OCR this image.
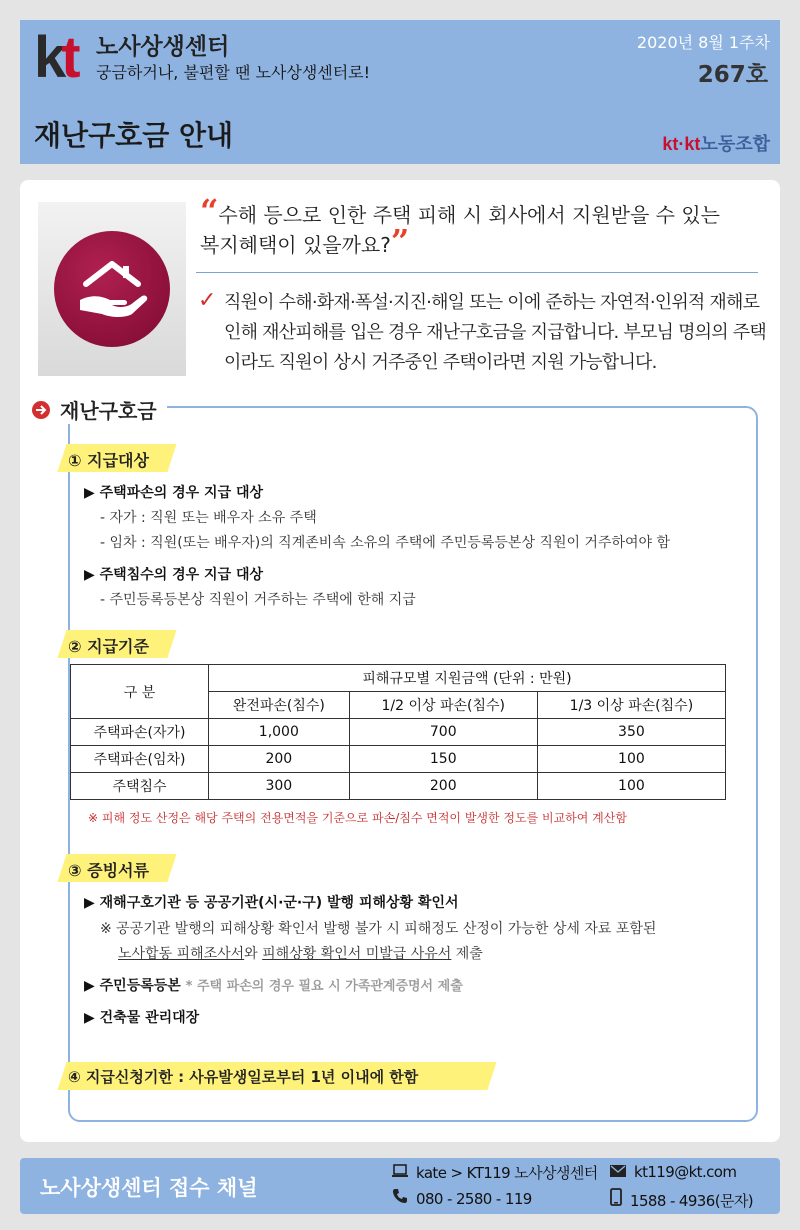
kt 노사상생센터
궁금하거나, 불편할 땐 노사상생센터로!
2020년 8월 1주차
267호
재난구호금 안내	kt·kt노동조합
“수해 등으로 인한 주택 피해 시 회사에서 지원받을 수 있는 복지혜택이 있을까요?”
✓ 직원이 수해·화재·폭설·지진·해일 또는 이에 준하는 자연적·인위적 재해로 인해 재산피해를 입은 경우 재난구호금을 지급합니다. 부모님 명의의 주택이라도 직원이 상시 거주중인 주택이라면 지원 가능합니다.
재난구호금
① 지급대상
▶ 주택파손의 경우 지급 대상
- 자가 : 직원 또는 배우자 소유 주택
- 임차 : 직원(또는 배우자)의 직계존비속 소유의 주택에 주민등록등본상 직원이 거주하여야 함
▶ 주택침수의 경우 지급 대상
- 주민등록등본상 직원이 거주하는 주택에 한해 지급
② 지급기준
구 분	피해규모별 지원금액 (단위 : 만원)		
	완전파손(침수)	1/2 이상 파손(침수)	1/3 이상 파손(침수)
주택파손(자가)	1,000	700	350
주택파손(임차)	200	150	100
주택침수	300	200	100
※ 피해 정도 산정은 해당 주택의 전용면적을 기준으로 파손/침수 면적이 발생한 정도를 비교하여 계산함
③ 증빙서류
▶ 재해구호기관 등 공공기관(시·군·구) 발행 피해상황 확인서
※ 공공기관 발행의 피해상황 확인서 발행 불가 시 피해정도 산정이 가능한 상세 자료 포함된
노사합동 피해조사서와 피해상황 확인서 미발급 사유서 제출
▶ 주민등록등본 * 주택 파손의 경우 필요 시 가족관계증명서 제출
▶ 건축물 관리대장
④ 지급신청기한 : 사유발생일로부터 1년 이내에 한함
노사상생센터 접수 채널
kate > KT119 노사상생센터
080 - 2580 - 119
kt119@kt.com
1588 - 4936(문자)
